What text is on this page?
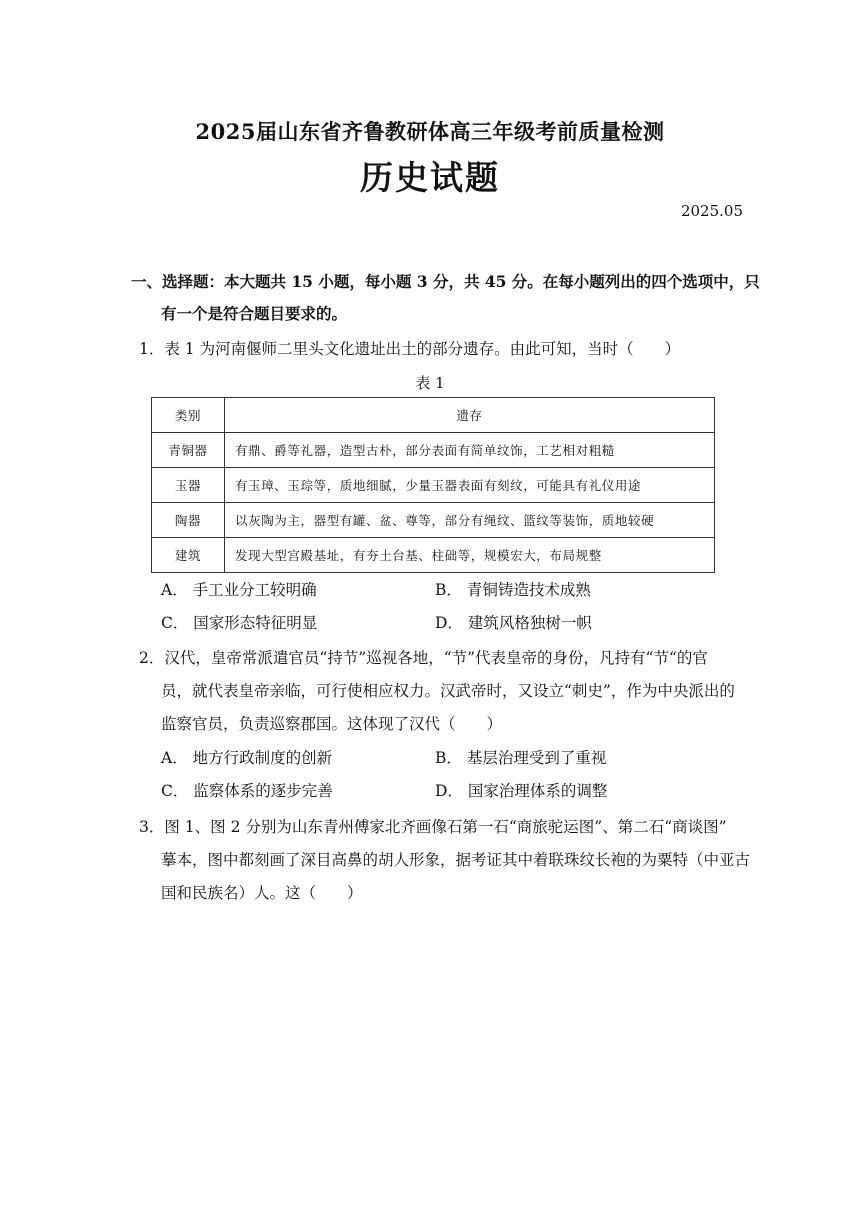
2025届山东省齐鲁教研体高三年级考前质量检测
历史试题
2025.05
一、选择题：本大题共 15 小题，每小题 3 分，共 45 分。在每小题列出的四个选项中，只
有一个是符合题目要求的。
1．表 1 为河南偃师二里头文化遗址出土的部分遗存。由此可知，当时（　　）
表 1
类别	遗存
青铜器	有鼎、爵等礼器，造型古朴，部分表面有简单纹饰，工艺相对粗糙
玉器	有玉璋、玉琮等，质地细腻，少量玉器表面有刻纹，可能具有礼仪用途
陶器	以灰陶为主，器型有罐、盆、尊等，部分有绳纹、篮纹等装饰，质地较硬
建筑	发现大型宫殿基址，有夯土台基、柱础等，规模宏大，布局规整
A． 手工业分工较明确	B． 青铜铸造技术成熟
C． 国家形态特征明显	D． 建筑风格独树一帜
2．汉代，皇帝常派遣官员“持节”巡视各地，“节”代表皇帝的身份，凡持有“节“的官
员，就代表皇帝亲临，可行使相应权力。汉武帝时，又设立“刺史”，作为中央派出的
监察官员，负责巡察郡国。这体现了汉代（　　）
A． 地方行政制度的创新	B． 基层治理受到了重视
C． 监察体系的逐步完善	D． 国家治理体系的调整
3．图 1、图 2 分别为山东青州傅家北齐画像石第一石“商旅驼运图”、第二石“商谈图”
摹本，图中都刻画了深目高鼻的胡人形象，据考证其中着联珠纹长袍的为粟特（中亚古
国和民族名）人。这（　　）
